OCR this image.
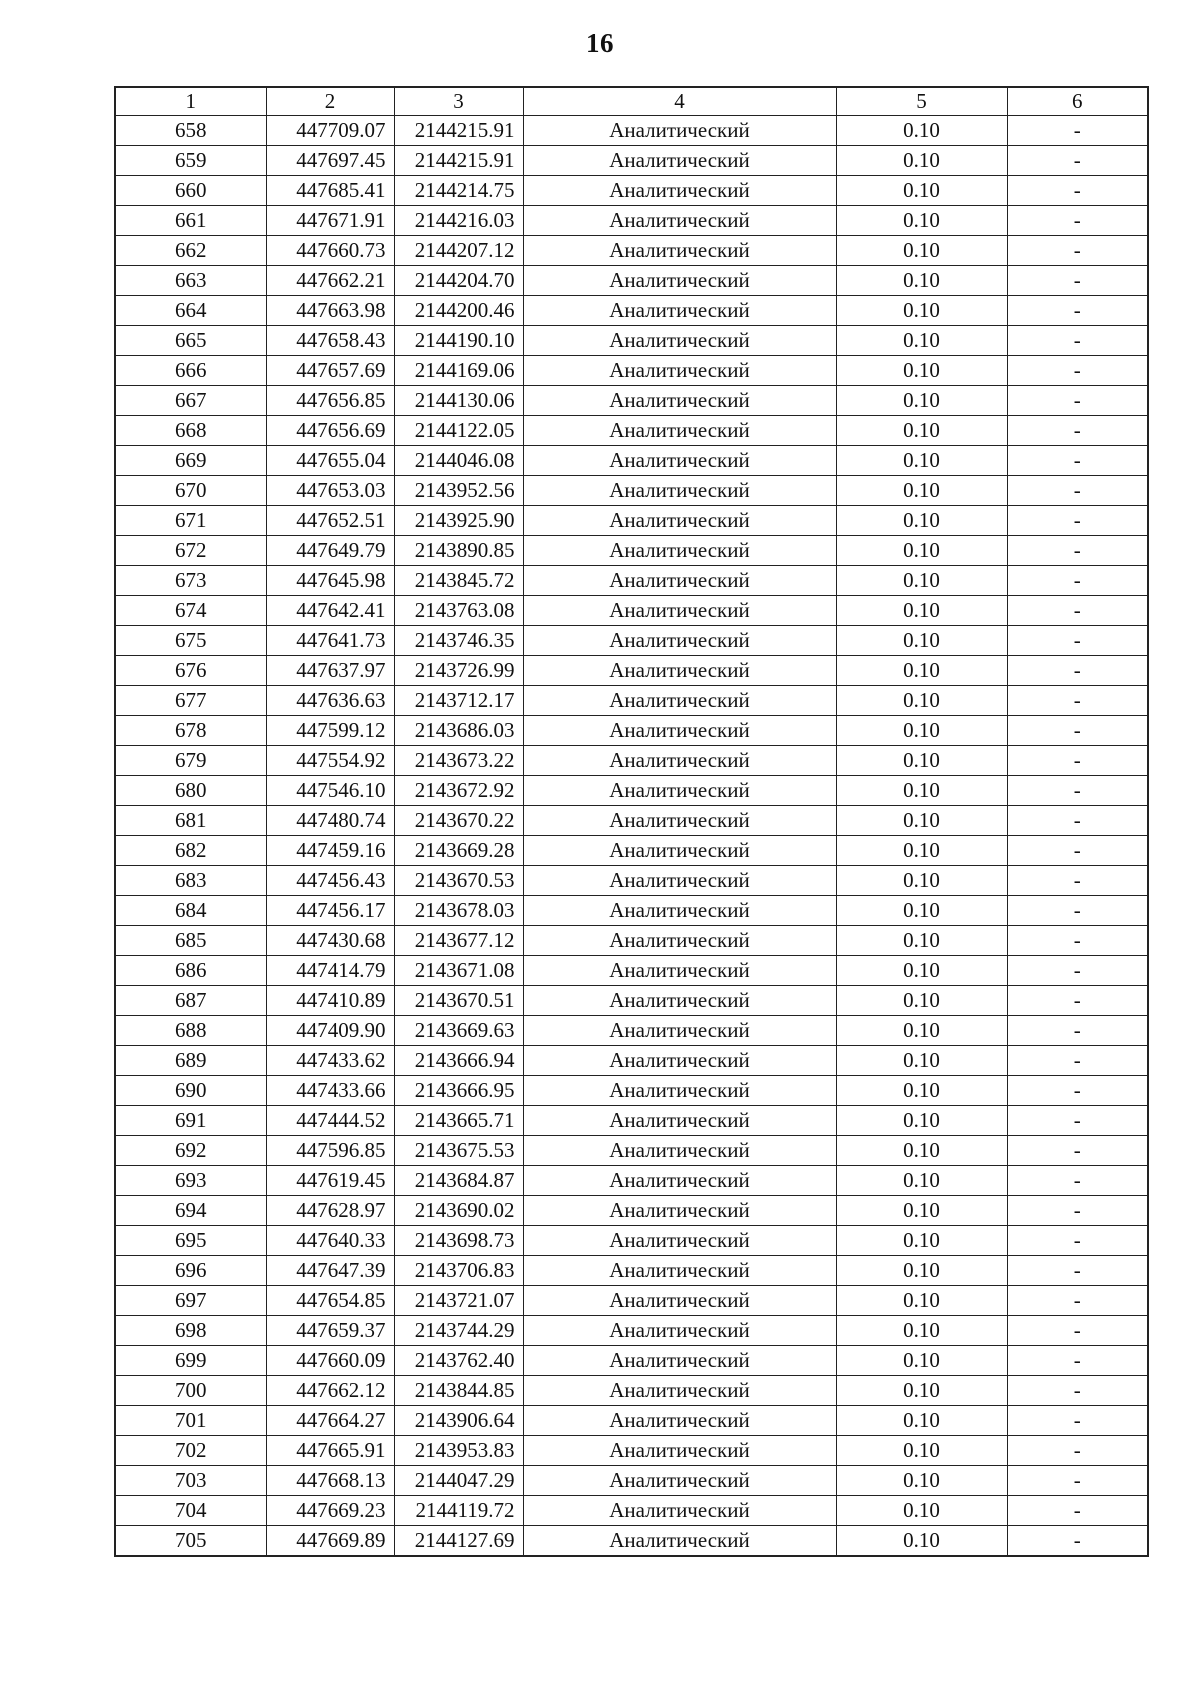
16
1	2	3	4	5	6
658	447709.07	2144215.91	Аналитический	0.10	-
659	447697.45	2144215.91	Аналитический	0.10	-
660	447685.41	2144214.75	Аналитический	0.10	-
661	447671.91	2144216.03	Аналитический	0.10	-
662	447660.73	2144207.12	Аналитический	0.10	-
663	447662.21	2144204.70	Аналитический	0.10	-
664	447663.98	2144200.46	Аналитический	0.10	-
665	447658.43	2144190.10	Аналитический	0.10	-
666	447657.69	2144169.06	Аналитический	0.10	-
667	447656.85	2144130.06	Аналитический	0.10	-
668	447656.69	2144122.05	Аналитический	0.10	-
669	447655.04	2144046.08	Аналитический	0.10	-
670	447653.03	2143952.56	Аналитический	0.10	-
671	447652.51	2143925.90	Аналитический	0.10	-
672	447649.79	2143890.85	Аналитический	0.10	-
673	447645.98	2143845.72	Аналитический	0.10	-
674	447642.41	2143763.08	Аналитический	0.10	-
675	447641.73	2143746.35	Аналитический	0.10	-
676	447637.97	2143726.99	Аналитический	0.10	-
677	447636.63	2143712.17	Аналитический	0.10	-
678	447599.12	2143686.03	Аналитический	0.10	-
679	447554.92	2143673.22	Аналитический	0.10	-
680	447546.10	2143672.92	Аналитический	0.10	-
681	447480.74	2143670.22	Аналитический	0.10	-
682	447459.16	2143669.28	Аналитический	0.10	-
683	447456.43	2143670.53	Аналитический	0.10	-
684	447456.17	2143678.03	Аналитический	0.10	-
685	447430.68	2143677.12	Аналитический	0.10	-
686	447414.79	2143671.08	Аналитический	0.10	-
687	447410.89	2143670.51	Аналитический	0.10	-
688	447409.90	2143669.63	Аналитический	0.10	-
689	447433.62	2143666.94	Аналитический	0.10	-
690	447433.66	2143666.95	Аналитический	0.10	-
691	447444.52	2143665.71	Аналитический	0.10	-
692	447596.85	2143675.53	Аналитический	0.10	-
693	447619.45	2143684.87	Аналитический	0.10	-
694	447628.97	2143690.02	Аналитический	0.10	-
695	447640.33	2143698.73	Аналитический	0.10	-
696	447647.39	2143706.83	Аналитический	0.10	-
697	447654.85	2143721.07	Аналитический	0.10	-
698	447659.37	2143744.29	Аналитический	0.10	-
699	447660.09	2143762.40	Аналитический	0.10	-
700	447662.12	2143844.85	Аналитический	0.10	-
701	447664.27	2143906.64	Аналитический	0.10	-
702	447665.91	2143953.83	Аналитический	0.10	-
703	447668.13	2144047.29	Аналитический	0.10	-
704	447669.23	2144119.72	Аналитический	0.10	-
705	447669.89	2144127.69	Аналитический	0.10	-
